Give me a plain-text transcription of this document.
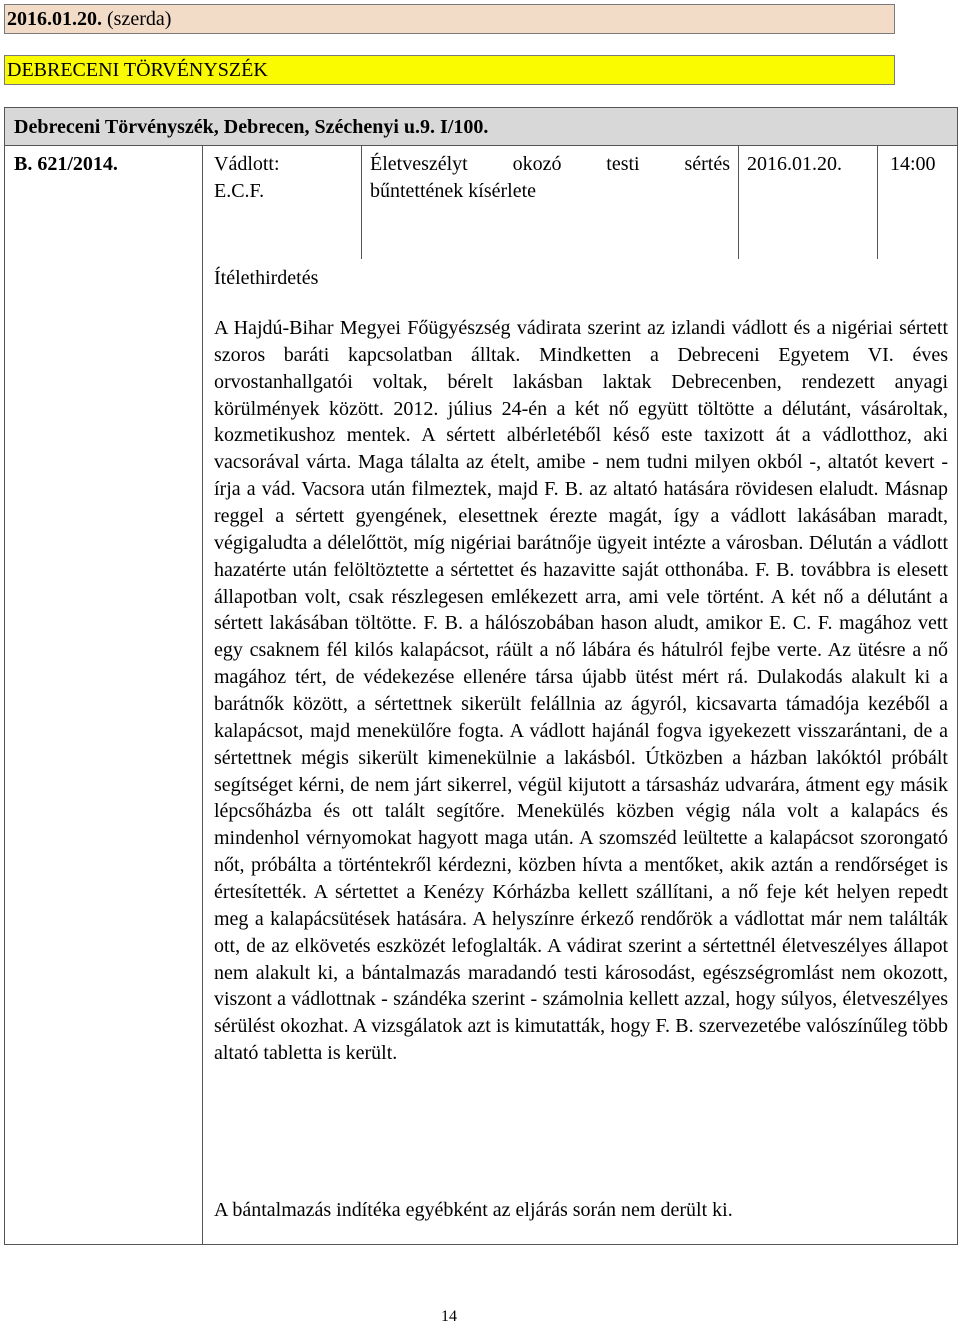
2016.01.20. (szerda)
DEBRECENI TÖRVÉNYSZÉK
Debreceni Törvényszék, Debrecen, Széchenyi u.9. I/100.
B. 621/2014.	Vádlott:
E.C.F.
Életveszélyt okozó testi sértés
bűntettének kísérlete
2016.01.20. 14:00
Ítélethirdetés

A Hajdú-Bihar Megyei Főügyészség vádirata szerint az izlandi vádlott és a nigériai sértett szoros baráti kapcsolatban álltak. Mindketten a Debreceni Egyetem VI. éves orvostanhallgatói voltak, bérelt lakásban laktak Debrecenben, rendezett anyagi körülmények között. 2012. július 24-én a két nő együtt töltötte a délutánt, vásároltak, kozmetikushoz mentek. A sértett albérletéből késő este taxizott át a vádlotthoz, aki vacsorával várta. Maga tálalta az ételt, amibe - nem tudni milyen okból -, altatót kevert - írja a vád. Vacsora után filmeztek, majd F. B. az altató hatására rövidesen elaludt. Másnap reggel a sértett gyengének, elesettnek érezte magát, így a vádlott lakásában maradt, végigaludta a délelőttöt, míg nigériai barátnője ügyeit intézte a városban. Délután a vádlott hazatérte után felöltöztette a sértettet és hazavitte saját otthonába. F. B. továbbra is elesett állapotban volt, csak részlegesen emlékezett arra, ami vele történt. A két nő a délutánt a sértett lakásában töltötte. F. B. a hálószobában hason aludt, amikor E. C. F. magához vett egy csaknem fél kilós kalapácsot, ráült a nő lábára és hátulról fejbe verte. Az ütésre a nő magához tért, de védekezése ellenére társa újabb ütést mért rá. Dulakodás alakult ki a barátnők között, a sértettnek sikerült felállnia az ágyról, kicsavarta támadója kezéből a kalapácsot, majd menekülőre fogta. A vádlott hajánál fogva igyekezett visszarántani, de a sértettnek mégis sikerült kimenekülnie a lakásból. Útközben a házban lakóktól próbált segítséget kérni, de nem járt sikerrel, végül kijutott a társasház udvarára, átment egy másik lépcsőházba és ott talált segítőre. Menekülés közben végig nála volt a kalapács és mindenhol vérnyomokat hagyott maga után. A szomszéd leültette a kalapácsot szorongató nőt, próbálta a történtekről kérdezni, közben hívta a mentőket, akik aztán a rendőrséget is értesítették. A sértettet a Kenézy Kórházba kellett szállítani, a nő feje két helyen repedt meg a kalapácsütések hatására. A helyszínre érkező rendőrök a vádlottat már nem találták ott, de az elkövetés eszközét lefoglalták. A vádirat szerint a sértettnél életveszélyes állapot nem alakult ki, a bántalmazás maradandó testi károsodást, egészségromlást nem okozott, viszont a vádlottnak - szándéka szerint - számolnia kellett azzal, hogy súlyos, életveszélyes sérülést okozhat. A vizsgálatok azt is kimutatták, hogy F. B. szervezetébe valószínűleg több altató tabletta is került.

A bántalmazás indítéka egyébként az eljárás során nem derült ki.
14
